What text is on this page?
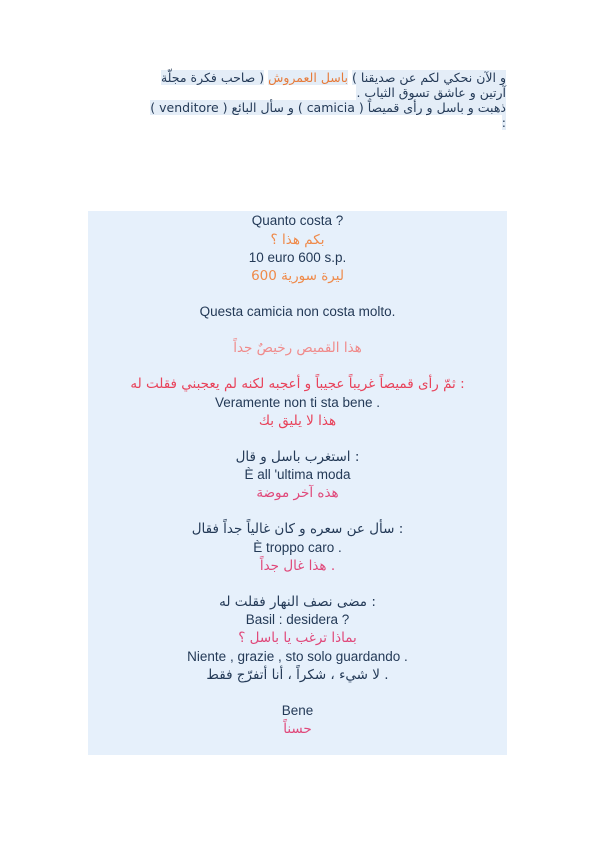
و الآن نحكي لكم عن صديقنا ) باسل العمروش ( صاحب فكرة مجلّة
آرتين و عاشق تسوق الثياب .
ذهبت و باسل و رأى قميصاً ( camicia ) و سأل البائع ( venditore )
:
Quanto costa ?
بكم هذا ؟
10 euro 600 s.p.
ليرة سورية 600
Questa camicia non costa molto.
هذا القميص رخيصٌ جداً
: ثمّ رأى قميصاً غريباً عجيباً و أعجبه لكنه لم يعجبني فقلت له
Veramente non ti sta bene .
هذا لا يليق بك
: استغرب باسل و قال
È all 'ultima moda
هذه آخر موضة
: سأل عن سعره و كان غالياً جداً فقال
È troppo caro .
. هذا غال جداً
: مضى نصف النهار فقلت له
Basil : desidera ?
بماذا ترغب يا باسل ؟
Niente , grazie , sto solo guardando .
. لا شيء ، شكراً ، أنا أتفرّج فقط
Bene
حسناً
